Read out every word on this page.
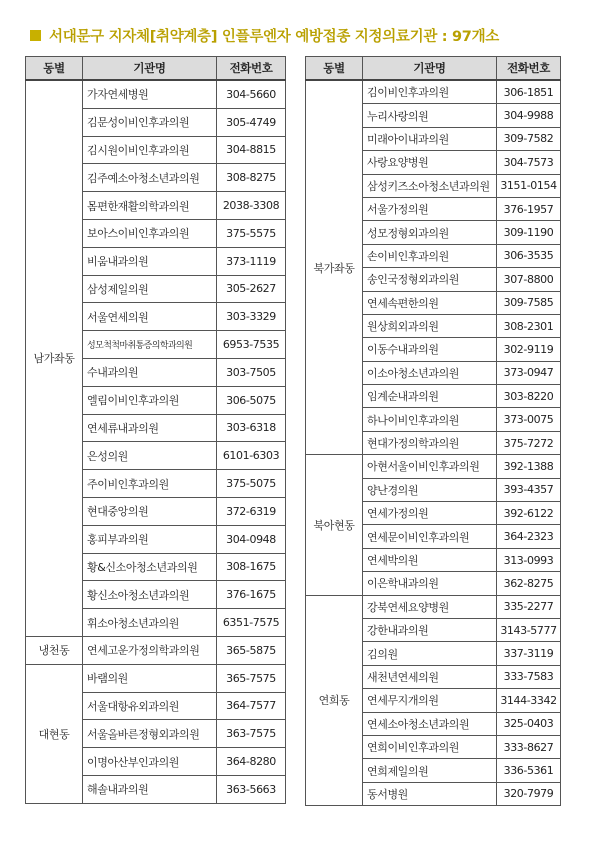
서대문구 지자체[취약계층] 인플루엔자 예방접종 지정의료기관 : 97개소
동별	기관명	전화번호
남가좌동	가자연세병원	304-5660
	김문성이비인후과의원	305-4749
	김시원이비인후과의원	304-8815
	김주예소아청소년과의원	308-8275
	몸편한재활의학과의원	2038-3308
	보아스이비인후과의원	375-5575
	비움내과의원	373-1119
	삼성제일의원	305-2627
	서울연세의원	303-3329
	성모척척마취통증의학과의원	6953-7535
	수내과의원	303-7505
	엘림이비인후과의원	306-5075
	연세류내과의원	303-6318
	은성의원	6101-6303
	주이비인후과의원	375-5075
	현대중앙의원	372-6319
	홍피부과의원	304-0948
	황&신소아청소년과의원	308-1675
	황신소아청소년과의원	376-1675
	휘소아청소년과의원	6351-7575
냉천동	연세고운가정의학과의원	365-5875
대현동	바램의원	365-7575
	서울대항유외과의원	364-7577
	서울올바른정형외과의원	363-7575
	이명아산부인과의원	364-8280
	해솔내과의원	363-5663
동별	기관명	전화번호
북가좌동	김이비인후과의원	306-1851
	누리사랑의원	304-9988
	미래아이내과의원	309-7582
	사랑요양병원	304-7573
	삼성키즈소아청소년과의원	3151-0154
	서울가정의원	376-1957
	성모정형외과의원	309-1190
	손이비인후과의원	306-3535
	송인국정형외과의원	307-8800
	연세속편한의원	309-7585
	원상희외과의원	308-2301
	이동수내과의원	302-9119
	이소아청소년과의원	373-0947
	임계순내과의원	303-8220
	하나이비인후과의원	373-0075
	현대가정의학과의원	375-7272
북아현동	아현서울이비인후과의원	392-1388
	양난경의원	393-4357
	연세가정의원	392-6122
	연세문이비인후과의원	364-2323
	연세박의원	313-0993
	이은학내과의원	362-8275
연희동	강북연세요양병원	335-2277
	강한내과의원	3143-5777
	김의원	337-3119
	새천년연세의원	333-7583
	연세무지개의원	3144-3342
	연세소아청소년과의원	325-0403
	연희이비인후과의원	333-8627
	연희제일의원	336-5361
	동서병원	320-7979
